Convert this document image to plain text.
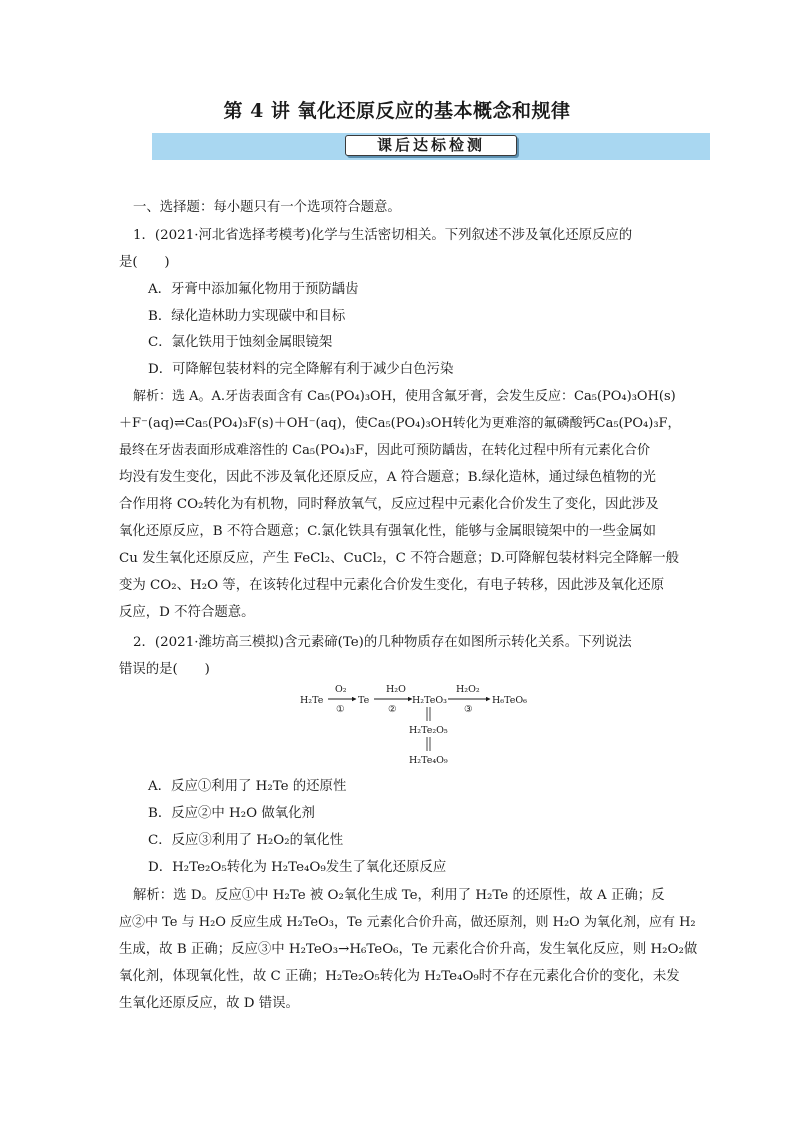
第 4 讲 氧化还原反应的基本概念和规律
课后达标检测
一、选择题：每小题只有一个选项符合题意。
1．(2021·河北省选择考模考)化学与生活密切相关。下列叙述不涉及氧化还原反应的
是(　　)
A．牙膏中添加氟化物用于预防龋齿
B．绿化造林助力实现碳中和目标
C．氯化铁用于蚀刻金属眼镜架
D．可降解包装材料的完全降解有利于减少白色污染
解析：选 A。A.牙齿表面含有 Ca₅(PO₄)₃OH，使用含氟牙膏，会发生反应：Ca₅(PO₄)₃OH(s)
＋F⁻(aq)⇌Ca₅(PO₄)₃F(s)＋OH⁻(aq)，使Ca₅(PO₄)₃OH转化为更难溶的氟磷酸钙Ca₅(PO₄)₃F，
最终在牙齿表面形成难溶性的 Ca₅(PO₄)₃F，因此可预防龋齿，在转化过程中所有元素化合价
均没有发生变化，因此不涉及氧化还原反应，A 符合题意；B.绿化造林，通过绿色植物的光
合作用将 CO₂转化为有机物，同时释放氧气，反应过程中元素化合价发生了变化，因此涉及
氧化还原反应，B 不符合题意；C.氯化铁具有强氧化性，能够与金属眼镜架中的一些金属如
Cu 发生氧化还原反应，产生 FeCl₂、CuCl₂，C 不符合题意；D.可降解包装材料完全降解一般
变为 CO₂、H₂O 等，在该转化过程中元素化合价发生变化，有电子转移，因此涉及氧化还原
反应，D 不符合题意。
2．(2021·潍坊高三模拟)含元素碲(Te)的几种物质存在如图所示转化关系。下列说法
错误的是(　　)
H₂Te
O₂
①
Te
H₂O
②
H₂TeO₃
H₂O₂
③
H₆TeO₆
H₂Te₂O₅
H₂Te₄O₉
A．反应①利用了 H₂Te 的还原性
B．反应②中 H₂O 做氧化剂
C．反应③利用了 H₂O₂的氧化性
D．H₂Te₂O₅转化为 H₂Te₄O₉发生了氧化还原反应
解析：选 D。反应①中 H₂Te 被 O₂氧化生成 Te，利用了 H₂Te 的还原性，故 A 正确；反
应②中 Te 与 H₂O 反应生成 H₂TeO₃，Te 元素化合价升高，做还原剂，则 H₂O 为氧化剂，应有 H₂
生成，故 B 正确；反应③中 H₂TeO₃→H₆TeO₆，Te 元素化合价升高，发生氧化反应，则 H₂O₂做
氧化剂，体现氧化性，故 C 正确；H₂Te₂O₅转化为 H₂Te₄O₉时不存在元素化合价的变化，未发
生氧化还原反应，故 D 错误。
